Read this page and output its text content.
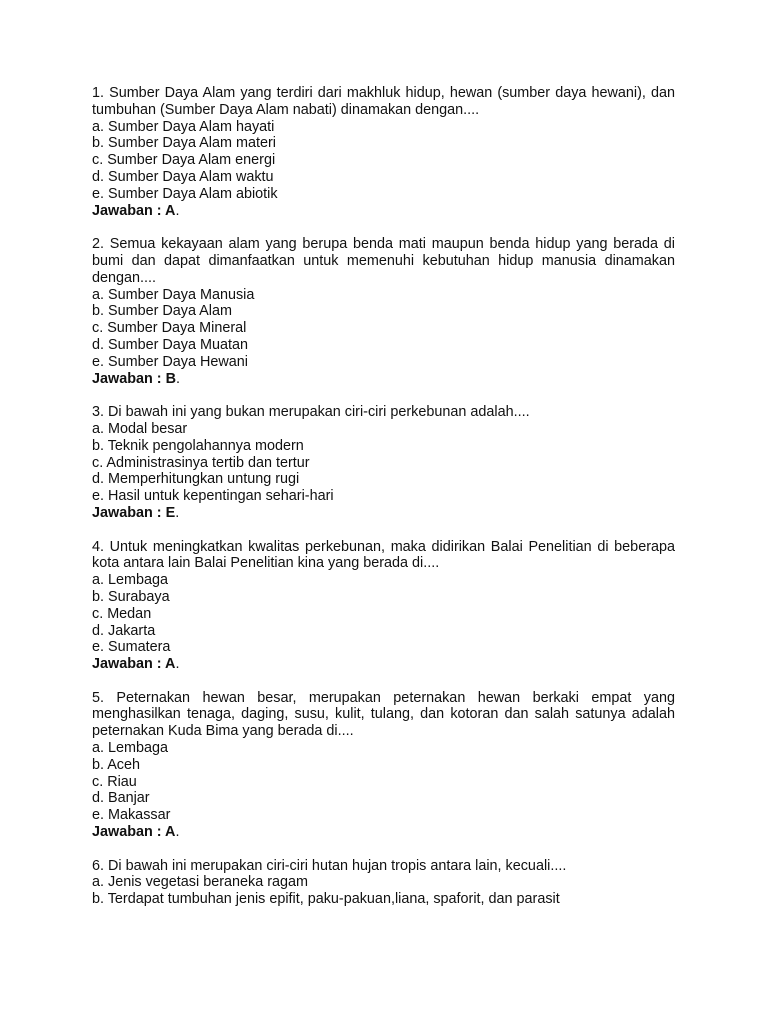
1. Sumber Daya Alam yang terdiri dari makhluk hidup, hewan (sumber daya hewani), dan tumbuhan (Sumber Daya Alam nabati) dinamakan dengan....

a. Sumber Daya Alam hayati

b. Sumber Daya Alam materi

c. Sumber Daya Alam energi

d. Sumber Daya Alam waktu

e. Sumber Daya Alam abiotik

Jawaban : A.

2. Semua kekayaan alam yang berupa benda mati maupun benda hidup yang berada di bumi dan dapat dimanfaatkan untuk memenuhi kebutuhan hidup manusia dinamakan dengan....

a. Sumber Daya Manusia

b. Sumber Daya Alam

c. Sumber Daya Mineral

d. Sumber Daya Muatan

e. Sumber Daya Hewani

Jawaban : B.

3. Di bawah ini yang bukan merupakan ciri-ciri perkebunan adalah....

a. Modal besar

b. Teknik pengolahannya modern

c. Administrasinya tertib dan tertur

d. Memperhitungkan untung rugi

e. Hasil untuk kepentingan sehari-hari

Jawaban : E.

4. Untuk meningkatkan kwalitas perkebunan, maka didirikan Balai Penelitian di beberapa kota antara lain Balai Penelitian kina yang berada di....

a. Lembaga

b. Surabaya

c. Medan

d. Jakarta

e. Sumatera

Jawaban : A.

5. Peternakan hewan besar, merupakan peternakan hewan berkaki empat yang menghasilkan tenaga, daging, susu, kulit, tulang, dan kotoran dan salah satunya adalah peternakan Kuda Bima yang berada di....

a. Lembaga

b. Aceh

c. Riau

d. Banjar

e. Makassar

Jawaban : A.

6. Di bawah ini merupakan ciri-ciri hutan hujan tropis antara lain, kecuali....

a. Jenis vegetasi beraneka ragam

b. Terdapat tumbuhan jenis epifit, paku-pakuan,liana, spaforit, dan parasit
